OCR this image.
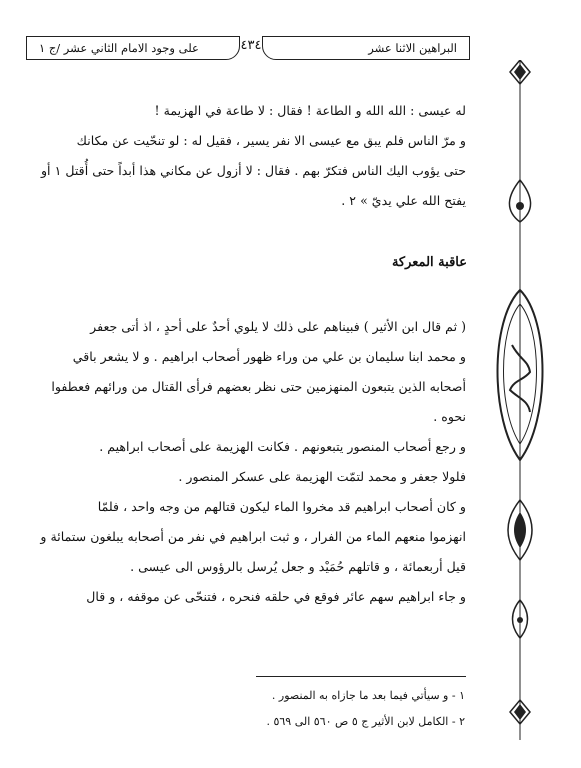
البراهين الاثنا عشر
٤٣٤
على وجود الامام الثاني عشر /ج ١
له عيسى : الله الله و الطاعة ! فقال : لا طاعة في الهزيمة !
و مرّ الناس فلم يبق مع عيسى الا نفر يسير ، فقيل له : لو تنحّيت عن مكانك
حتى يؤوب اليك الناس فتكرّ بهم . فقال : لا أزول عن مكاني هذا أبداً حتى أُقتل ١ أو
يفتح الله علي يديّ » ٢ .
عاقبة المعركة
( ثم قال ابن الأثير ) فبيناهم على ذلك لا يلوي أحدٌ على أحدٍ ، اذ أتى جعفر
و محمد ابنا سليمان بن علي من وراء ظهور أصحاب ابراهيم . و لا يشعر باقي
أصحابه الذين يتبعون المنهزمين حتى نظر بعضهم فرأى القتال من ورائهم فعطفوا
نحوه .
و رجع أصحاب المنصور يتبعونهم . فكانت الهزيمة على أصحاب ابراهيم .
فلولا جعفر و محمد لتمّت الهزيمة على عسكر المنصور .
و كان أصحاب ابراهيم قد مخروا الماء ليكون قتالهم من وجه واحد ، فلمّا
انهزموا منعهم الماء من الفرار ، و ثبت ابراهيم في نفر من أصحابه يبلغون ستمائة و
قيل أربعمائة ، و قاتلهم حُمَيْد و جعل يُرسل بالرؤوس الى عيسى .
و جاء ابراهيم سهم عائر فوقع في حلقه فنحره ، فتنحّى عن موقفه ، و قال
١ - و سيأتي فيما بعد ما جازاه به المنصور .
٢ - الكامل لابن الأثير ج ٥ ص ٥٦٠ الى ٥٦٩ .
